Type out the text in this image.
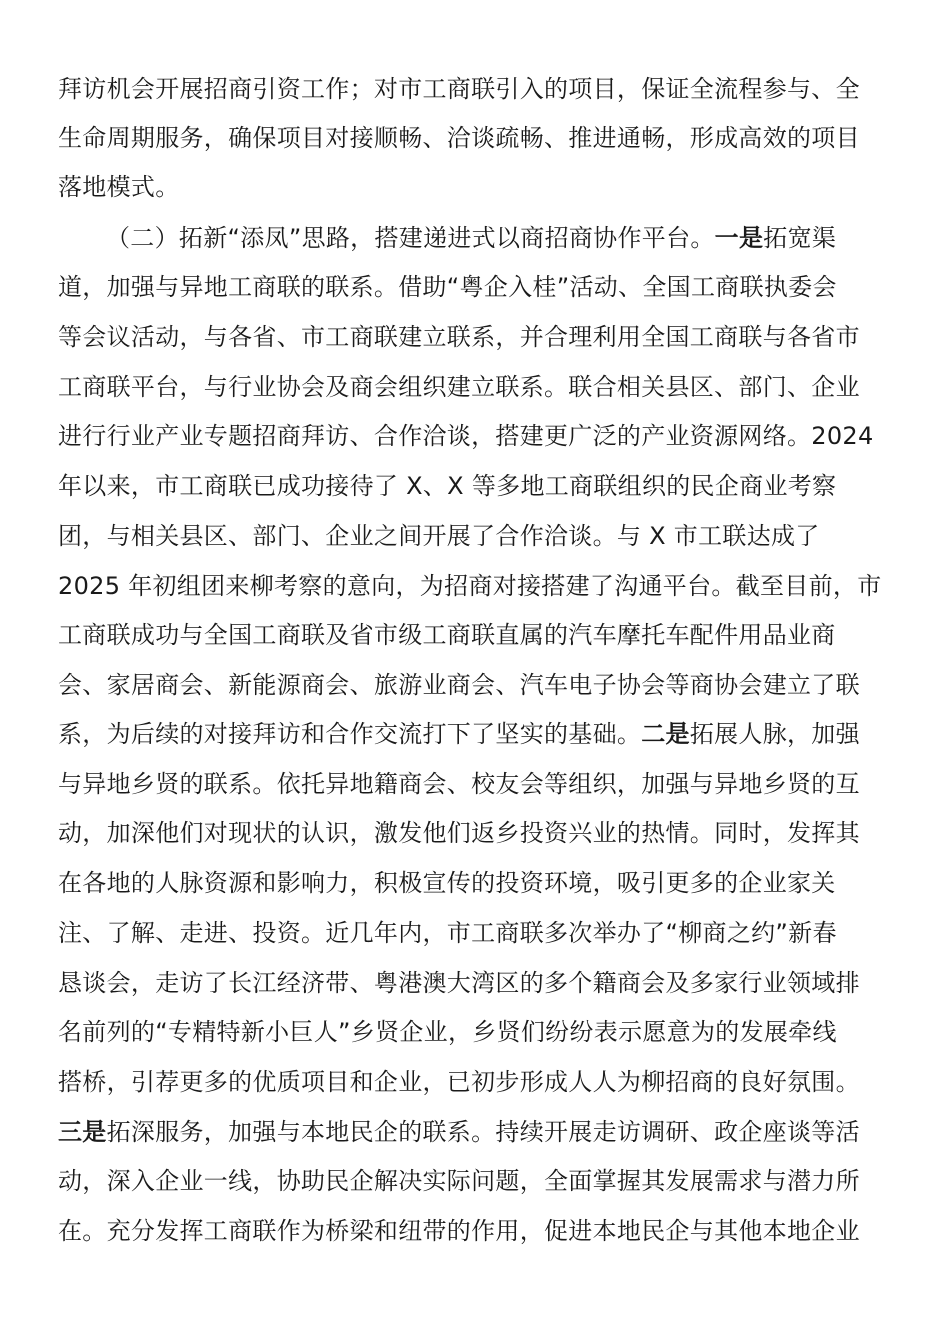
拜访机会开展招商引资工作；对市工商联引入的项目，保证全流程参与、全
生命周期服务，确保项目对接顺畅、洽谈疏畅、推进通畅，形成高效的项目
落地模式。
（二）拓新“添凤”思路，搭建递进式以商招商协作平台。一是拓宽渠
道，加强与异地工商联的联系。借助“粤企入桂”活动、全国工商联执委会
等会议活动，与各省、市工商联建立联系，并合理利用全国工商联与各省市
工商联平台，与行业协会及商会组织建立联系。联合相关县区、部门、企业
进行行业产业专题招商拜访、合作洽谈，搭建更广泛的产业资源网络。2024
年以来，市工商联已成功接待了 X、X 等多地工商联组织的民企商业考察
团，与相关县区、部门、企业之间开展了合作洽谈。与 X 市工联达成了
2025 年初组团来柳考察的意向，为招商对接搭建了沟通平台。截至目前，市
工商联成功与全国工商联及省市级工商联直属的汽车摩托车配件用品业商
会、家居商会、新能源商会、旅游业商会、汽车电子协会等商协会建立了联
系，为后续的对接拜访和合作交流打下了坚实的基础。二是拓展人脉，加强
与异地乡贤的联系。依托异地籍商会、校友会等组织，加强与异地乡贤的互
动，加深他们对现状的认识，激发他们返乡投资兴业的热情。同时，发挥其
在各地的人脉资源和影响力，积极宣传的投资环境，吸引更多的企业家关
注、了解、走进、投资。近几年内，市工商联多次举办了“柳商之约”新春
恳谈会，走访了长江经济带、粤港澳大湾区的多个籍商会及多家行业领域排
名前列的“专精特新小巨人”乡贤企业，乡贤们纷纷表示愿意为的发展牵线
搭桥，引荐更多的优质项目和企业，已初步形成人人为柳招商的良好氛围。
三是拓深服务，加强与本地民企的联系。持续开展走访调研、政企座谈等活
动，深入企业一线，协助民企解决实际问题，全面掌握其发展需求与潜力所
在。充分发挥工商联作为桥梁和纽带的作用，促进本地民企与其他本地企业
